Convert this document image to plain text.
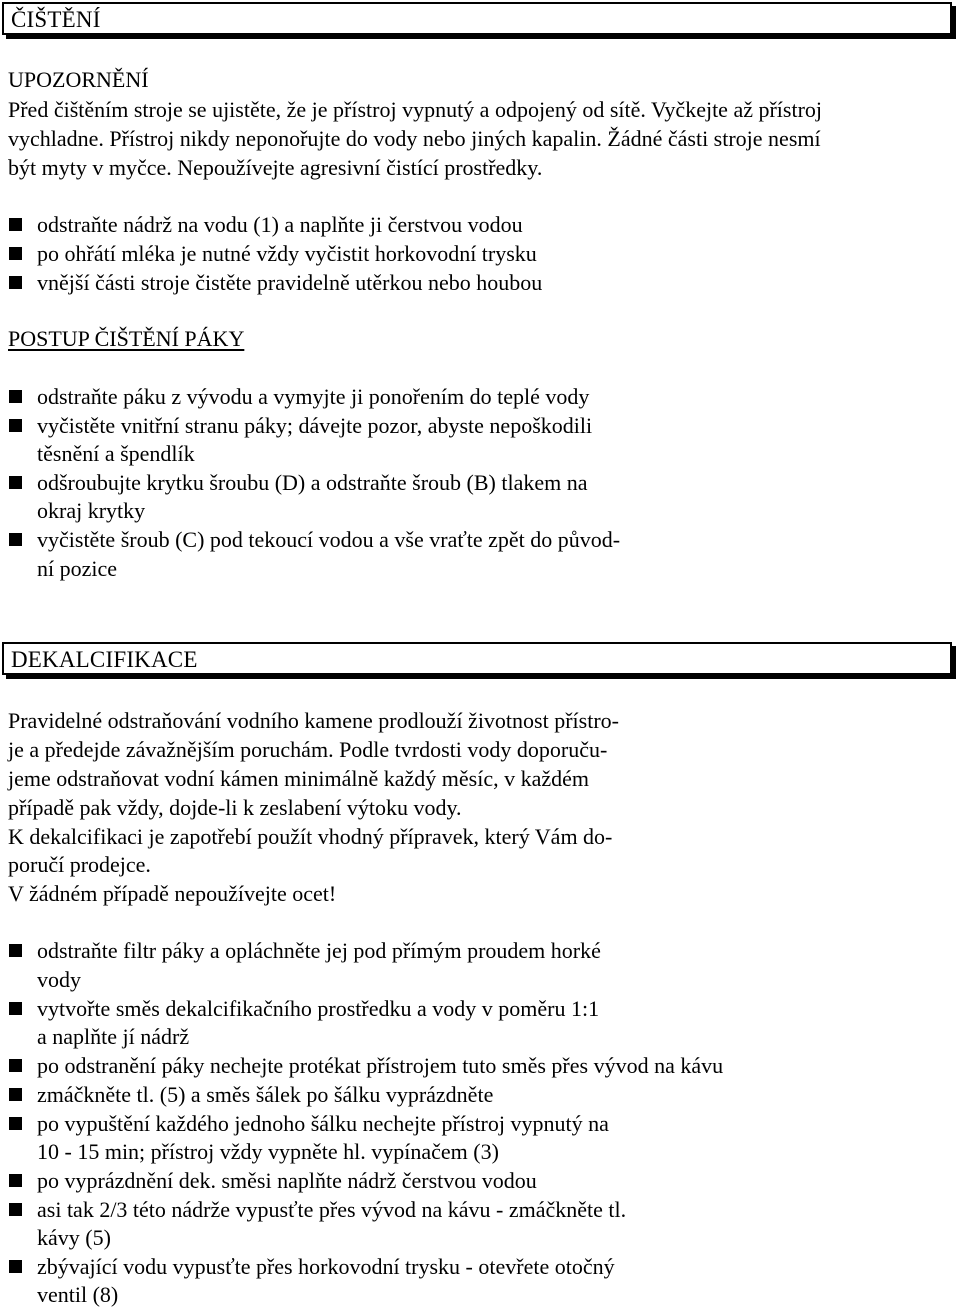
ČIŠTĚNÍ
UPOZORNĚNÍ
Před čištěním stroje se ujistěte, že je přístroj vypnutý a odpojený od sítě. Vyčkejte až přístroj
vychladne. Přístroj nikdy neponořujte do vody nebo jiných kapalin. Žádné části stroje nesmí
být myty v myčce. Nepoužívejte agresivní čistící prostředky.
odstraňte nádrž na vodu (1) a naplňte ji čerstvou vodou
po ohřátí mléka je nutné vždy vyčistit horkovodní trysku
vnější části stroje čistěte pravidelně utěrkou nebo houbou
POSTUP ČIŠTĚNÍ PÁKY
odstraňte páku z vývodu a vymyjte ji ponořením do teplé vody
vyčistěte vnitřní stranu páky; dávejte pozor, abyste nepoškodili
těsnění a špendlík
odšroubujte krytku šroubu (D) a odstraňte šroub (B) tlakem na
okraj krytky
vyčistěte šroub (C) pod tekoucí vodou a vše vraťte zpět do původ-
ní pozice
DEKALCIFIKACE
Pravidelné odstraňování vodního kamene prodlouží životnost přístro-
je a předejde závažnějším poruchám. Podle tvrdosti vody doporuču-
jeme odstraňovat vodní kámen minimálně každý měsíc, v každém
případě pak vždy, dojde-li k zeslabení výtoku vody.
K dekalcifikaci je zapotřebí použít vhodný přípravek, který Vám do-
poručí prodejce.
V žádném případě nepoužívejte ocet!
odstraňte filtr páky a opláchněte jej pod přímým proudem horké
vody
vytvořte směs dekalcifikačního prostředku a vody v poměru 1:1
a naplňte jí nádrž
po odstranění páky nechejte protékat přístrojem tuto směs přes vývod na kávu
zmáčkněte tl. (5) a směs šálek po šálku vyprázdněte
po vypuštění každého jednoho šálku nechejte přístroj vypnutý na
10 - 15 min; přístroj vždy vypněte hl. vypínačem (3)
po vyprázdnění dek. směsi naplňte nádrž čerstvou vodou
asi tak 2/3 této nádrže vypusťte přes vývod na kávu - zmáčkněte tl.
kávy (5)
zbývající vodu vypusťte přes horkovodní trysku - otevřete otočný
ventil (8)
